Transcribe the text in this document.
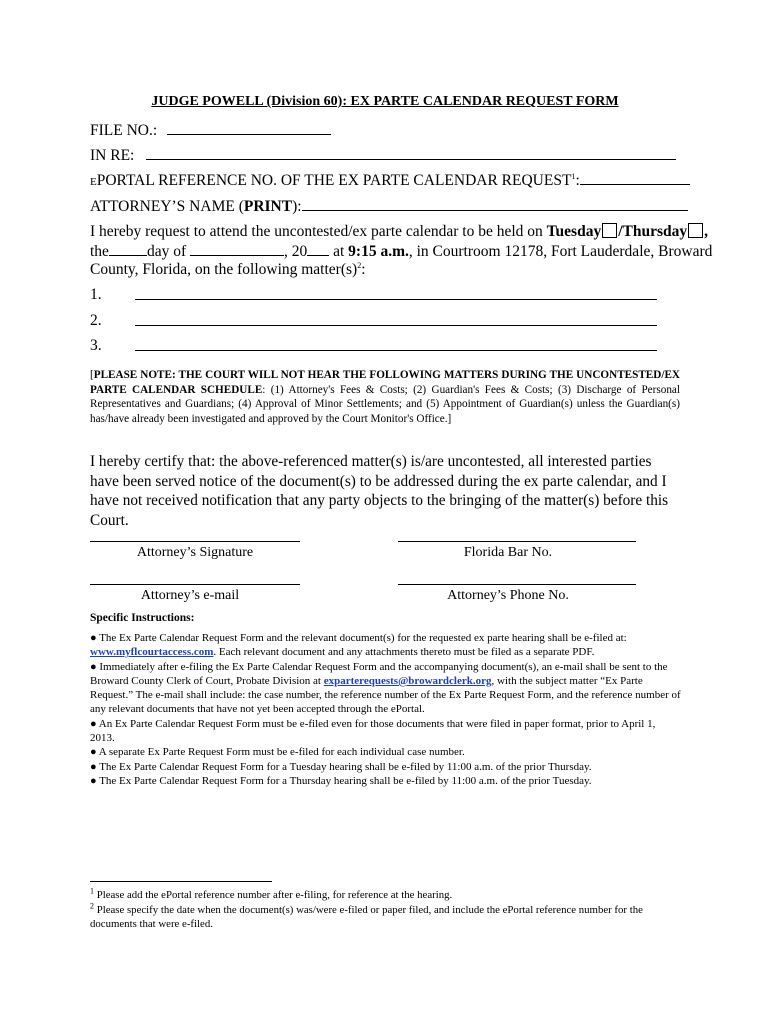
JUDGE POWELL (Division 60): EX PARTE CALENDAR REQUEST FORM
FILE NO.:
IN RE:
EPORTAL REFERENCE NO. OF THE EX PARTE CALENDAR REQUEST$^1$:
ATTORNEY’S NAME (PRINT):
I hereby request to attend the uncontested/ex parte calendar to be held on Tuesday /Thursday ,
the day of	, 20 at 9:15 a.m., in Courtroom 12178, Fort Lauderdale, Broward
County, Florida, on the following $matter(s)^2$:
1.
2.
3.
[PLEASE NOTE: THE COURT WILL NOT HEAR THE FOLLOWING MATTERS DURING THE UNCONTESTED/EX PARTE CALENDAR SCHEDULE: (1) Attorney's Fees & Costs; (2) Guardian's Fees & Costs; (3) Discharge of Personal Representatives and Guardians; (4) Approval of Minor Settlements; and (5) Appointment of Guardian(s) unless the Guardian(s) has/have already been investigated and approved by the Court Monitor's Office.]
I hereby certify that: the above-referenced matter(s) is/are uncontested, all interested parties have been served notice of the document(s) to be addressed during the ex parte calendar, and I have not received notification that any party objects to the bringing of the matter(s) before this Court.
Attorney’s Signature	Florida Bar No.
Attorney’s e-mail	Attorney’s Phone No.
Specific Instructions:

● The Ex Parte Calendar Request Form and the relevant document(s) for the requested ex parte hearing shall be e-filed at: www.myflcourtaccess.com. Each relevant document and any attachments thereto must be filed as a separate PDF.

● Immediately after e-filing the Ex Parte Calendar Request Form and the accompanying document(s), an e-mail shall be sent to the Broward County Clerk of Court, Probate Division at exparterequests@browardclerk.org, with the subject matter “Ex Parte Request.” The e-mail shall include: the case number, the reference number of the Ex Parte Request Form, and the reference number of any relevant documents that have not yet been accepted through the ePortal.

● An Ex Parte Calendar Request Form must be e-filed even for those documents that were filed in paper format, prior to April 1, 2013.

● A separate Ex Parte Request Form must be e-filed for each individual case number.

● The Ex Parte Calendar Request Form for a Tuesday hearing shall be e-filed by 11:00 a.m. of the prior Thursday.

● The Ex Parte Calendar Request Form for a Thursday hearing shall be e-filed by 11:00 a.m. of the prior Tuesday.

$^1$ Please add the ePortal reference number after e-filing, for reference at the hearing.
$^2$ Please specify the date when the document(s) was/were e-filed or paper filed, and include the ePortal reference number for the documents that were e-filed.
